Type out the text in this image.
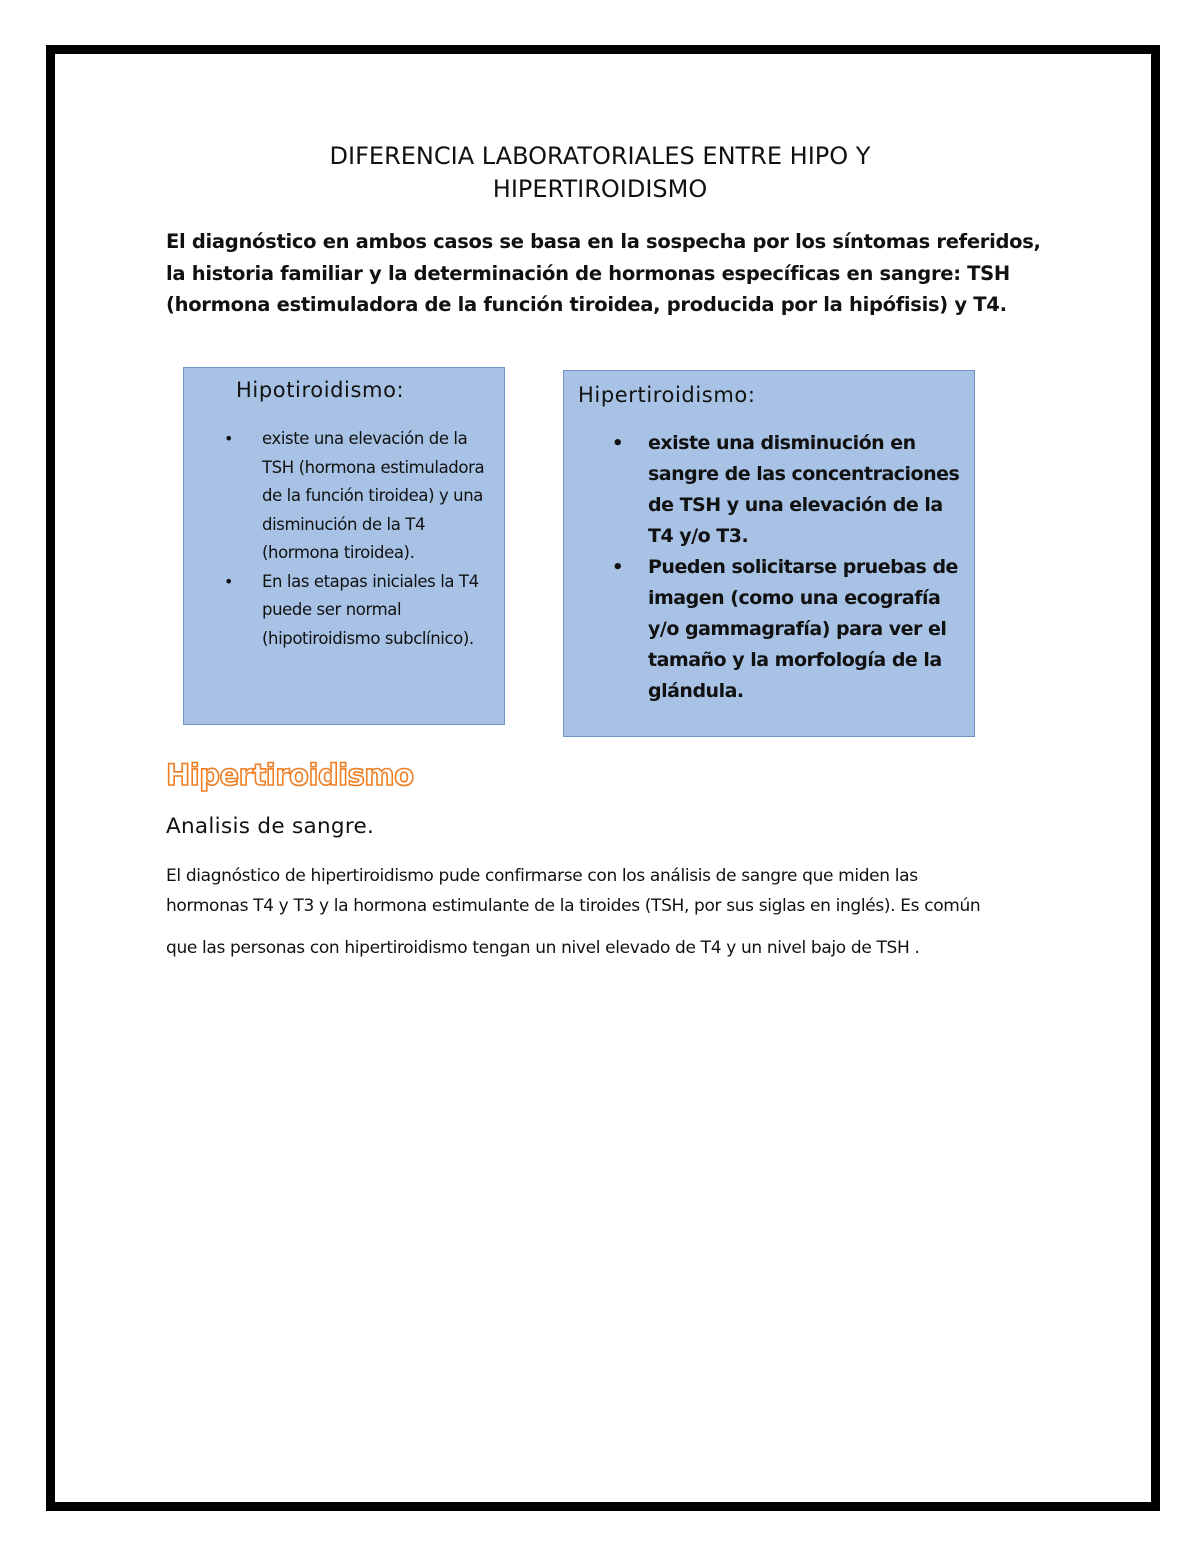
DIFERENCIA LABORATORIALES ENTRE HIPO Y
HIPERTIROIDISMO

El diagnóstico en ambos casos se basa en la sospecha por los síntomas referidos, la historia familiar y la determinación de hormonas específicas en sangre: TSH (hormona estimuladora de la función tiroidea, producida por la hipófisis) y T4.

Hipotiroidismo:
• existe una elevación de la TSH (hormona estimuladora de la función tiroidea) y una disminución de la T4 (hormona tiroidea).
• En las etapas iniciales la T4 puede ser normal (hipotiroidismo subclínico).
Hipertiroidismo:
• existe una disminución en sangre de las concentraciones de TSH y una elevación de la T4 y/o T3.
• Pueden solicitarse pruebas de imagen (como una ecografía y/o gammagrafía) para ver el tamaño y la morfología de la glándula.
Hipertiroidismo
Analisis de sangre.

El diagnóstico de hipertiroidismo pude confirmarse con los análisis de sangre que miden las

hormonas T4 y T3 y la hormona estimulante de la tiroides (TSH, por sus siglas en inglés). Es común

que las personas con hipertiroidismo tengan un nivel elevado de T4 y un nivel bajo de TSH .
